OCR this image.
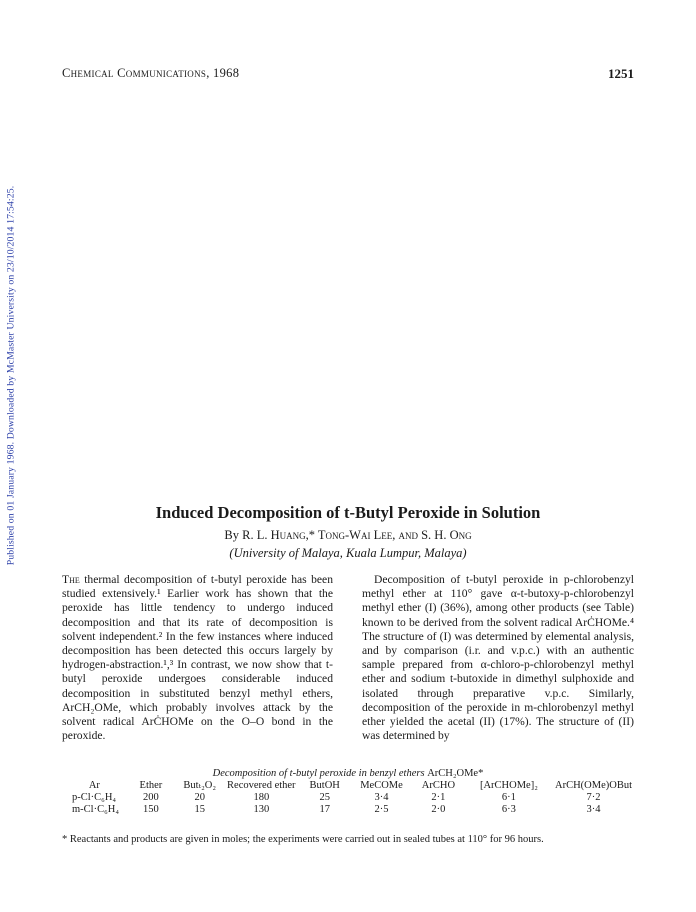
Published on 01 January 1968. Downloaded by McMaster University on 23/10/2014 17:54:25.
Chemical Communications, 1968	1251
Induced Decomposition of t-Butyl Peroxide in Solution
By R. L. Huang,* Tong-Wai Lee, and S. H. Ong
(University of Malaya, Kuala Lumpur, Malaya)

The thermal decomposition of t-butyl peroxide has been studied extensively.¹ Earlier work has shown that the peroxide has little tendency to undergo induced decomposition and that its rate of decomposition is solvent independent.² In the few instances where induced decomposition has been detected this occurs largely by hydrogen-abstraction.¹,³ In contrast, we now show that t-butyl peroxide undergoes considerable induced decomposition in substituted benzyl methyl ethers, ArCH₂OMe, which probably involves attack by the solvent radical ArĊHOMe on the O–O bond in the peroxide.

Decomposition of t-butyl peroxide in p-chlorobenzyl methyl ether at 110° gave α-t-butoxy-p-chlorobenzyl methyl ether (I) (36%), among other products (see Table) known to be derived from the solvent radical ArĊHOMe.⁴ The structure of (I) was determined by elemental analysis, and by comparison (i.r. and v.p.c.) with an authentic sample prepared from α-chloro-p-chlorobenzyl methyl ether and sodium t-butoxide in dimethyl sulphoxide and isolated through preparative v.p.c. Similarly, decomposition of the peroxide in m-chlorobenzyl methyl ether yielded the acetal (II) (17%). The structure of (II) was determined by

Decomposition of t-butyl peroxide in benzyl ethers ArCH₂OMe*
Ar	Ether	Butₜ₂O₂	Recovered ether	ButOH	MeCOMe	ArCHO	[ArCHOMe]₂	ArCH(OMe)OBut
p-Cl·C₆H₄	200	20	180	25	3·4	2·1	6·1	7·2
m-Cl·C₆H₄	150	15	130	17	2·5	2·0	6·3	3·4
* Reactants and products are given in moles; the experiments were carried out in sealed tubes at 110° for 96 hours.
